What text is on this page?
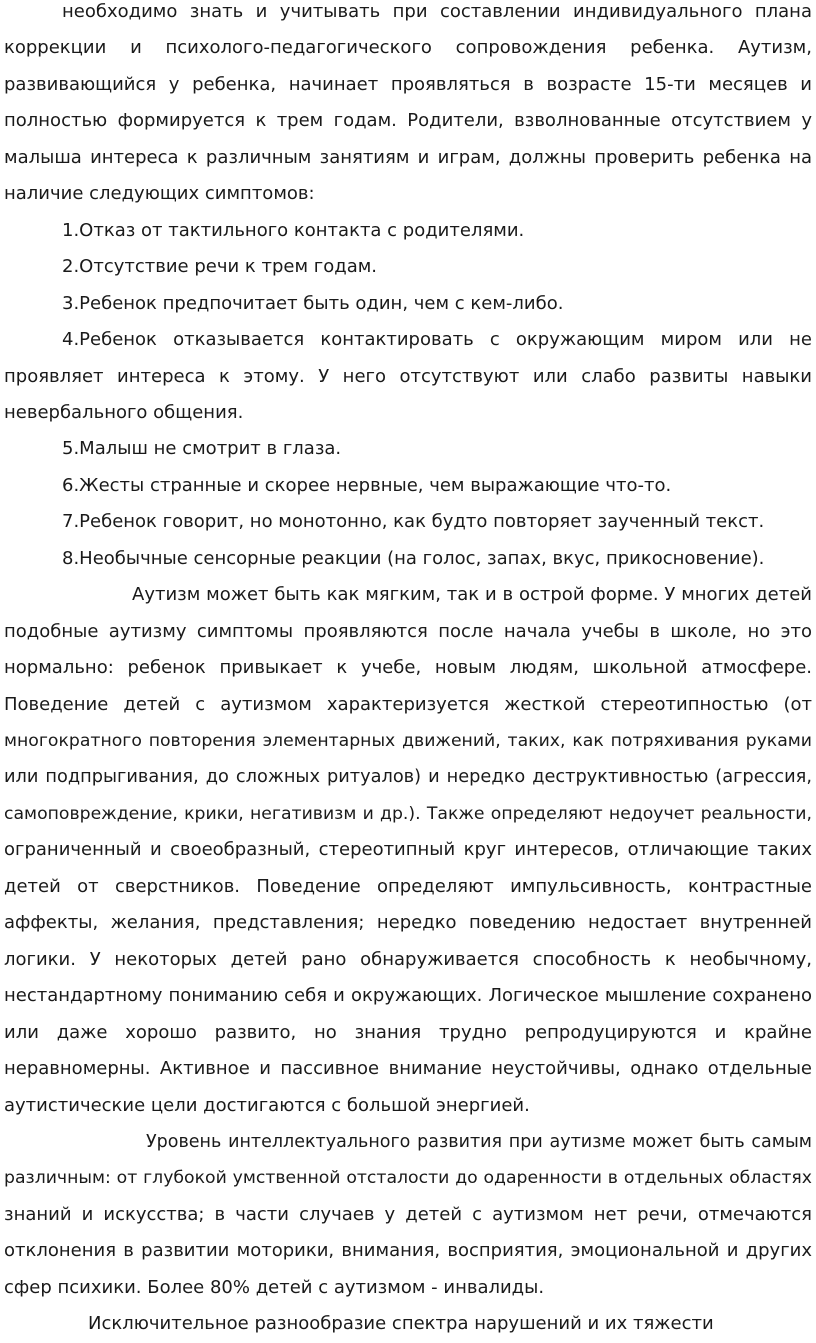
необходимо знать и учитывать при составлении индивидуального плана
коррекции и психолого-педагогического сопровождения ребенка. Аутизм,
развивающийся у ребенка, начинает проявляться в возрасте 15-ти месяцев и
полностью формируется к трем годам. Родители, взволнованные отсутствием у
малыша интереса к различным занятиям и играм, должны проверить ребенка на
наличие следующих симптомов:
1.Отказ от тактильного контакта с родителями.
2.Отсутствие речи к трем годам.
3.Ребенок предпочитает быть один, чем с кем-либо.
4.Ребенок отказывается контактировать с окружающим миром или не
проявляет интереса к этому. У него отсутствуют или слабо развиты навыки
невербального общения.
5.Малыш не смотрит в глаза.
6.Жесты странные и скорее нервные, чем выражающие что-то.
7.Ребенок говорит, но монотонно, как будто повторяет заученный текст.
8.Необычные сенсорные реакции (на голос, запах, вкус, прикосновение).
Аутизм может быть как мягким, так и в острой форме. У многих детей
подобные аутизму симптомы проявляются после начала учебы в школе, но это
нормально: ребенок привыкает к учебе, новым людям, школьной атмосфере.
Поведение детей с аутизмом характеризуется жесткой стереотипностью (от
многократного повторения элементарных движений, таких, как потряхивания руками
или подпрыгивания, до сложных ритуалов) и нередко деструктивностью (агрессия,
самоповреждение, крики, негативизм и др.). Также определяют недоучет реальности,
ограниченный и своеобразный, стереотипный круг интересов, отличающие таких
детей от сверстников. Поведение определяют импульсивность, контрастные
аффекты, желания, представления; нередко поведению недостает внутренней
логики. У некоторых детей рано обнаруживается способность к необычному,
нестандартному пониманию себя и окружающих. Логическое мышление сохранено
или даже хорошо развито, но знания трудно репродуцируются и крайне
неравномерны. Активное и пассивное внимание неустойчивы, однако отдельные
аутистические цели достигаются с большой энергией.
Уровень интеллектуального развития при аутизме может быть самым
различным: от глубокой умственной отсталости до одаренности в отдельных областях
знаний и искусства; в части случаев у детей с аутизмом нет речи, отмечаются
отклонения в развитии моторики, внимания, восприятия, эмоциональной и других
сфер психики. Более 80% детей с аутизмом - инвалиды.
Исключительное разнообразие спектра нарушений и их тяжести
